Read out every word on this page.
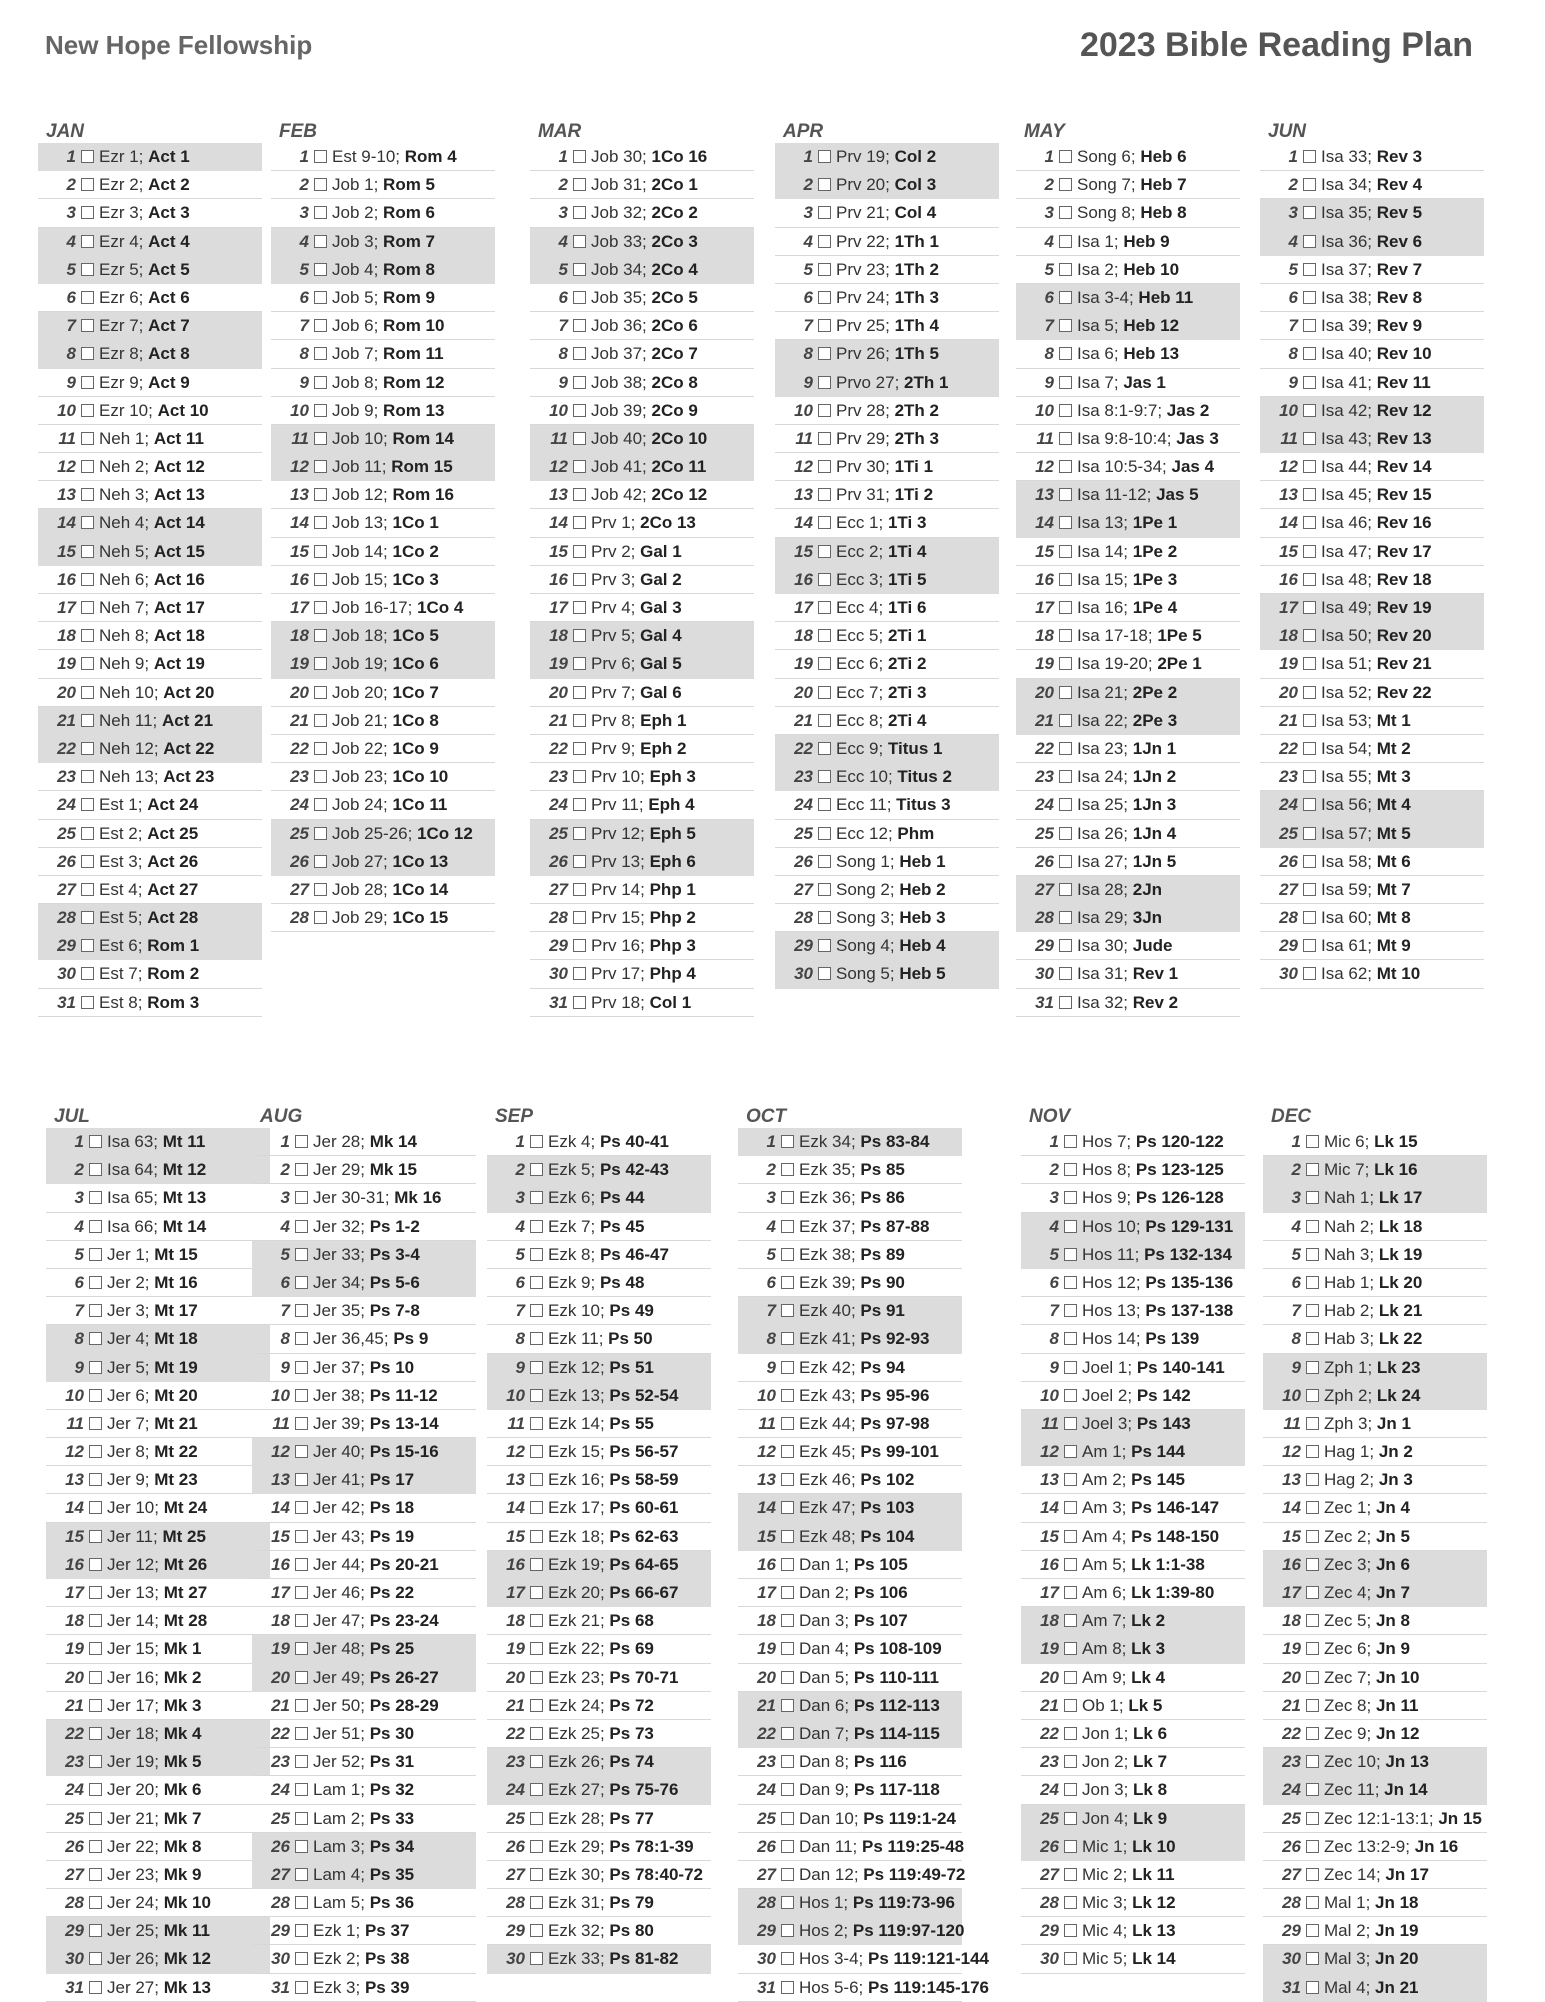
New Hope Fellowship	2023 Bible Reading Plan
JAN
1 Ezr 1; Act 1
2 Ezr 2; Act 2
3 Ezr 3; Act 3
4 Ezr 4; Act 4
5 Ezr 5; Act 5
6 Ezr 6; Act 6
7 Ezr 7; Act 7
8 Ezr 8; Act 8
9 Ezr 9; Act 9
10 Ezr 10; Act 10
11 Neh 1; Act 11
12 Neh 2; Act 12
13 Neh 3; Act 13
14 Neh 4; Act 14
15 Neh 5; Act 15
16 Neh 6; Act 16
17 Neh 7; Act 17
18 Neh 8; Act 18
19 Neh 9; Act 19
20 Neh 10; Act 20
21 Neh 11; Act 21
22 Neh 12; Act 22
23 Neh 13; Act 23
24 Est 1; Act 24
25 Est 2; Act 25
26 Est 3; Act 26
27 Est 4; Act 27
28 Est 5; Act 28
29 Est 6; Rom 1
30 Est 7; Rom 2
31 Est 8; Rom 3
FEB
1 Est 9-10; Rom 4
2 Job 1; Rom 5
3 Job 2; Rom 6
4 Job 3; Rom 7
5 Job 4; Rom 8
6 Job 5; Rom 9
7 Job 6; Rom 10
8 Job 7; Rom 11
9 Job 8; Rom 12
10 Job 9; Rom 13
11 Job 10; Rom 14
12 Job 11; Rom 15
13 Job 12; Rom 16
14 Job 13; 1Co 1
15 Job 14; 1Co 2
16 Job 15; 1Co 3
17 Job 16-17; 1Co 4
18 Job 18; 1Co 5
19 Job 19; 1Co 6
20 Job 20; 1Co 7
21 Job 21; 1Co 8
22 Job 22; 1Co 9
23 Job 23; 1Co 10
24 Job 24; 1Co 11
25 Job 25-26; 1Co 12
26 Job 27; 1Co 13
27 Job 28; 1Co 14
28 Job 29; 1Co 15
MAR
1 Job 30; 1Co 16
2 Job 31; 2Co 1
3 Job 32; 2Co 2
4 Job 33; 2Co 3
5 Job 34; 2Co 4
6 Job 35; 2Co 5
7 Job 36; 2Co 6
8 Job 37; 2Co 7
9 Job 38; 2Co 8
10 Job 39; 2Co 9
11 Job 40; 2Co 10
12 Job 41; 2Co 11
13 Job 42; 2Co 12
14 Prv 1; 2Co 13
15 Prv 2; Gal 1
16 Prv 3; Gal 2
17 Prv 4; Gal 3
18 Prv 5; Gal 4
19 Prv 6; Gal 5
20 Prv 7; Gal 6
21 Prv 8; Eph 1
22 Prv 9; Eph 2
23 Prv 10; Eph 3
24 Prv 11; Eph 4
25 Prv 12; Eph 5
26 Prv 13; Eph 6
27 Prv 14; Php 1
28 Prv 15; Php 2
29 Prv 16; Php 3
30 Prv 17; Php 4
31 Prv 18; Col 1
APR
1 Prv 19; Col 2
2 Prv 20; Col 3
3 Prv 21; Col 4
4 Prv 22; 1Th 1
5 Prv 23; 1Th 2
6 Prv 24; 1Th 3
7 Prv 25; 1Th 4
8 Prv 26; 1Th 5
9 Prvo 27; 2Th 1
10 Prv 28; 2Th 2
11 Prv 29; 2Th 3
12 Prv 30; 1Ti 1
13 Prv 31; 1Ti 2
14 Ecc 1; 1Ti 3
15 Ecc 2; 1Ti 4
16 Ecc 3; 1Ti 5
17 Ecc 4; 1Ti 6
18 Ecc 5; 2Ti 1
19 Ecc 6; 2Ti 2
20 Ecc 7; 2Ti 3
21 Ecc 8; 2Ti 4
22 Ecc 9; Titus 1
23 Ecc 10; Titus 2
24 Ecc 11; Titus 3
25 Ecc 12; Phm
26 Song 1; Heb 1
27 Song 2; Heb 2
28 Song 3; Heb 3
29 Song 4; Heb 4
30 Song 5; Heb 5
MAY
1 Song 6; Heb 6
2 Song 7; Heb 7
3 Song 8; Heb 8
4 Isa 1; Heb 9
5 Isa 2; Heb 10
6 Isa 3-4; Heb 11
7 Isa 5; Heb 12
8 Isa 6; Heb 13
9 Isa 7; Jas 1
10 Isa 8:1-9:7; Jas 2
11 Isa 9:8-10:4; Jas 3
12 Isa 10:5-34; Jas 4
13 Isa 11-12; Jas 5
14 Isa 13; 1Pe 1
15 Isa 14; 1Pe 2
16 Isa 15; 1Pe 3
17 Isa 16; 1Pe 4
18 Isa 17-18; 1Pe 5
19 Isa 19-20; 2Pe 1
20 Isa 21; 2Pe 2
21 Isa 22; 2Pe 3
22 Isa 23; 1Jn 1
23 Isa 24; 1Jn 2
24 Isa 25; 1Jn 3
25 Isa 26; 1Jn 4
26 Isa 27; 1Jn 5
27 Isa 28; 2Jn
28 Isa 29; 3Jn
29 Isa 30; Jude
30 Isa 31; Rev 1
31 Isa 32; Rev 2
JUN
1 Isa 33; Rev 3
2 Isa 34; Rev 4
3 Isa 35; Rev 5
4 Isa 36; Rev 6
5 Isa 37; Rev 7
6 Isa 38; Rev 8
7 Isa 39; Rev 9
8 Isa 40; Rev 10
9 Isa 41; Rev 11
10 Isa 42; Rev 12
11 Isa 43; Rev 13
12 Isa 44; Rev 14
13 Isa 45; Rev 15
14 Isa 46; Rev 16
15 Isa 47; Rev 17
16 Isa 48; Rev 18
17 Isa 49; Rev 19
18 Isa 50; Rev 20
19 Isa 51; Rev 21
20 Isa 52; Rev 22
21 Isa 53; Mt 1
22 Isa 54; Mt 2
23 Isa 55; Mt 3
24 Isa 56; Mt 4
25 Isa 57; Mt 5
26 Isa 58; Mt 6
27 Isa 59; Mt 7
28 Isa 60; Mt 8
29 Isa 61; Mt 9
30 Isa 62; Mt 10
JUL
1 Isa 63; Mt 11
2 Isa 64; Mt 12
3 Isa 65; Mt 13
4 Isa 66; Mt 14
5 Jer 1; Mt 15
6 Jer 2; Mt 16
7 Jer 3; Mt 17
8 Jer 4; Mt 18
9 Jer 5; Mt 19
10 Jer 6; Mt 20
11 Jer 7; Mt 21
12 Jer 8; Mt 22
13 Jer 9; Mt 23
14 Jer 10; Mt 24
15 Jer 11; Mt 25
16 Jer 12; Mt 26
17 Jer 13; Mt 27
18 Jer 14; Mt 28
19 Jer 15; Mk 1
20 Jer 16; Mk 2
21 Jer 17; Mk 3
22 Jer 18; Mk 4
23 Jer 19; Mk 5
24 Jer 20; Mk 6
25 Jer 21; Mk 7
26 Jer 22; Mk 8
27 Jer 23; Mk 9
28 Jer 24; Mk 10
29 Jer 25; Mk 11
30 Jer 26; Mk 12
31 Jer 27; Mk 13
AUG
1 Jer 28; Mk 14
2 Jer 29; Mk 15
3 Jer 30-31; Mk 16
4 Jer 32; Ps 1-2
5 Jer 33; Ps 3-4
6 Jer 34; Ps 5-6
7 Jer 35; Ps 7-8
8 Jer 36,45; Ps 9
9 Jer 37; Ps 10
10 Jer 38; Ps 11-12
11 Jer 39; Ps 13-14
12 Jer 40; Ps 15-16
13 Jer 41; Ps 17
14 Jer 42; Ps 18
15 Jer 43; Ps 19
16 Jer 44; Ps 20-21
17 Jer 46; Ps 22
18 Jer 47; Ps 23-24
19 Jer 48; Ps 25
20 Jer 49; Ps 26-27
21 Jer 50; Ps 28-29
22 Jer 51; Ps 30
23 Jer 52; Ps 31
24 Lam 1; Ps 32
25 Lam 2; Ps 33
26 Lam 3; Ps 34
27 Lam 4; Ps 35
28 Lam 5; Ps 36
29 Ezk 1; Ps 37
30 Ezk 2; Ps 38
31 Ezk 3; Ps 39
SEP
1 Ezk 4; Ps 40-41
2 Ezk 5; Ps 42-43
3 Ezk 6; Ps 44
4 Ezk 7; Ps 45
5 Ezk 8; Ps 46-47
6 Ezk 9; Ps 48
7 Ezk 10; Ps 49
8 Ezk 11; Ps 50
9 Ezk 12; Ps 51
10 Ezk 13; Ps 52-54
11 Ezk 14; Ps 55
12 Ezk 15; Ps 56-57
13 Ezk 16; Ps 58-59
14 Ezk 17; Ps 60-61
15 Ezk 18; Ps 62-63
16 Ezk 19; Ps 64-65
17 Ezk 20; Ps 66-67
18 Ezk 21; Ps 68
19 Ezk 22; Ps 69
20 Ezk 23; Ps 70-71
21 Ezk 24; Ps 72
22 Ezk 25; Ps 73
23 Ezk 26; Ps 74
24 Ezk 27; Ps 75-76
25 Ezk 28; Ps 77
26 Ezk 29; Ps 78:1-39
27 Ezk 30; Ps 78:40-72
28 Ezk 31; Ps 79
29 Ezk 32; Ps 80
30 Ezk 33; Ps 81-82
OCT
1 Ezk 34; Ps 83-84
2 Ezk 35; Ps 85
3 Ezk 36; Ps 86
4 Ezk 37; Ps 87-88
5 Ezk 38; Ps 89
6 Ezk 39; Ps 90
7 Ezk 40; Ps 91
8 Ezk 41; Ps 92-93
9 Ezk 42; Ps 94
10 Ezk 43; Ps 95-96
11 Ezk 44; Ps 97-98
12 Ezk 45; Ps 99-101
13 Ezk 46; Ps 102
14 Ezk 47; Ps 103
15 Ezk 48; Ps 104
16 Dan 1; Ps 105
17 Dan 2; Ps 106
18 Dan 3; Ps 107
19 Dan 4; Ps 108-109
20 Dan 5; Ps 110-111
21 Dan 6; Ps 112-113
22 Dan 7; Ps 114-115
23 Dan 8; Ps 116
24 Dan 9; Ps 117-118
25 Dan 10; Ps 119:1-24
26 Dan 11; Ps 119:25-48
27 Dan 12; Ps 119:49-72
28 Hos 1; Ps 119:73-96
29 Hos 2; Ps 119:97-120
30 Hos 3-4; Ps 119:121-144
31 Hos 5-6; Ps 119:145-176
NOV
1 Hos 7; Ps 120-122
2 Hos 8; Ps 123-125
3 Hos 9; Ps 126-128
4 Hos 10; Ps 129-131
5 Hos 11; Ps 132-134
6 Hos 12; Ps 135-136
7 Hos 13; Ps 137-138
8 Hos 14; Ps 139
9 Joel 1; Ps 140-141
10 Joel 2; Ps 142
11 Joel 3; Ps 143
12 Am 1; Ps 144
13 Am 2; Ps 145
14 Am 3; Ps 146-147
15 Am 4; Ps 148-150
16 Am 5; Lk 1:1-38
17 Am 6; Lk 1:39-80
18 Am 7; Lk 2
19 Am 8; Lk 3
20 Am 9; Lk 4
21 Ob 1; Lk 5
22 Jon 1; Lk 6
23 Jon 2; Lk 7
24 Jon 3; Lk 8
25 Jon 4; Lk 9
26 Mic 1; Lk 10
27 Mic 2; Lk 11
28 Mic 3; Lk 12
29 Mic 4; Lk 13
30 Mic 5; Lk 14
DEC
1 Mic 6; Lk 15
2 Mic 7; Lk 16
3 Nah 1; Lk 17
4 Nah 2; Lk 18
5 Nah 3; Lk 19
6 Hab 1; Lk 20
7 Hab 2; Lk 21
8 Hab 3; Lk 22
9 Zph 1; Lk 23
10 Zph 2; Lk 24
11 Zph 3; Jn 1
12 Hag 1; Jn 2
13 Hag 2; Jn 3
14 Zec 1; Jn 4
15 Zec 2; Jn 5
16 Zec 3; Jn 6
17 Zec 4; Jn 7
18 Zec 5; Jn 8
19 Zec 6; Jn 9
20 Zec 7; Jn 10
21 Zec 8; Jn 11
22 Zec 9; Jn 12
23 Zec 10; Jn 13
24 Zec 11; Jn 14
25 Zec 12:1-13:1; Jn 15
26 Zec 13:2-9; Jn 16
27 Zec 14; Jn 17
28 Mal 1; Jn 18
29 Mal 2; Jn 19
30 Mal 3; Jn 20
31 Mal 4; Jn 21
